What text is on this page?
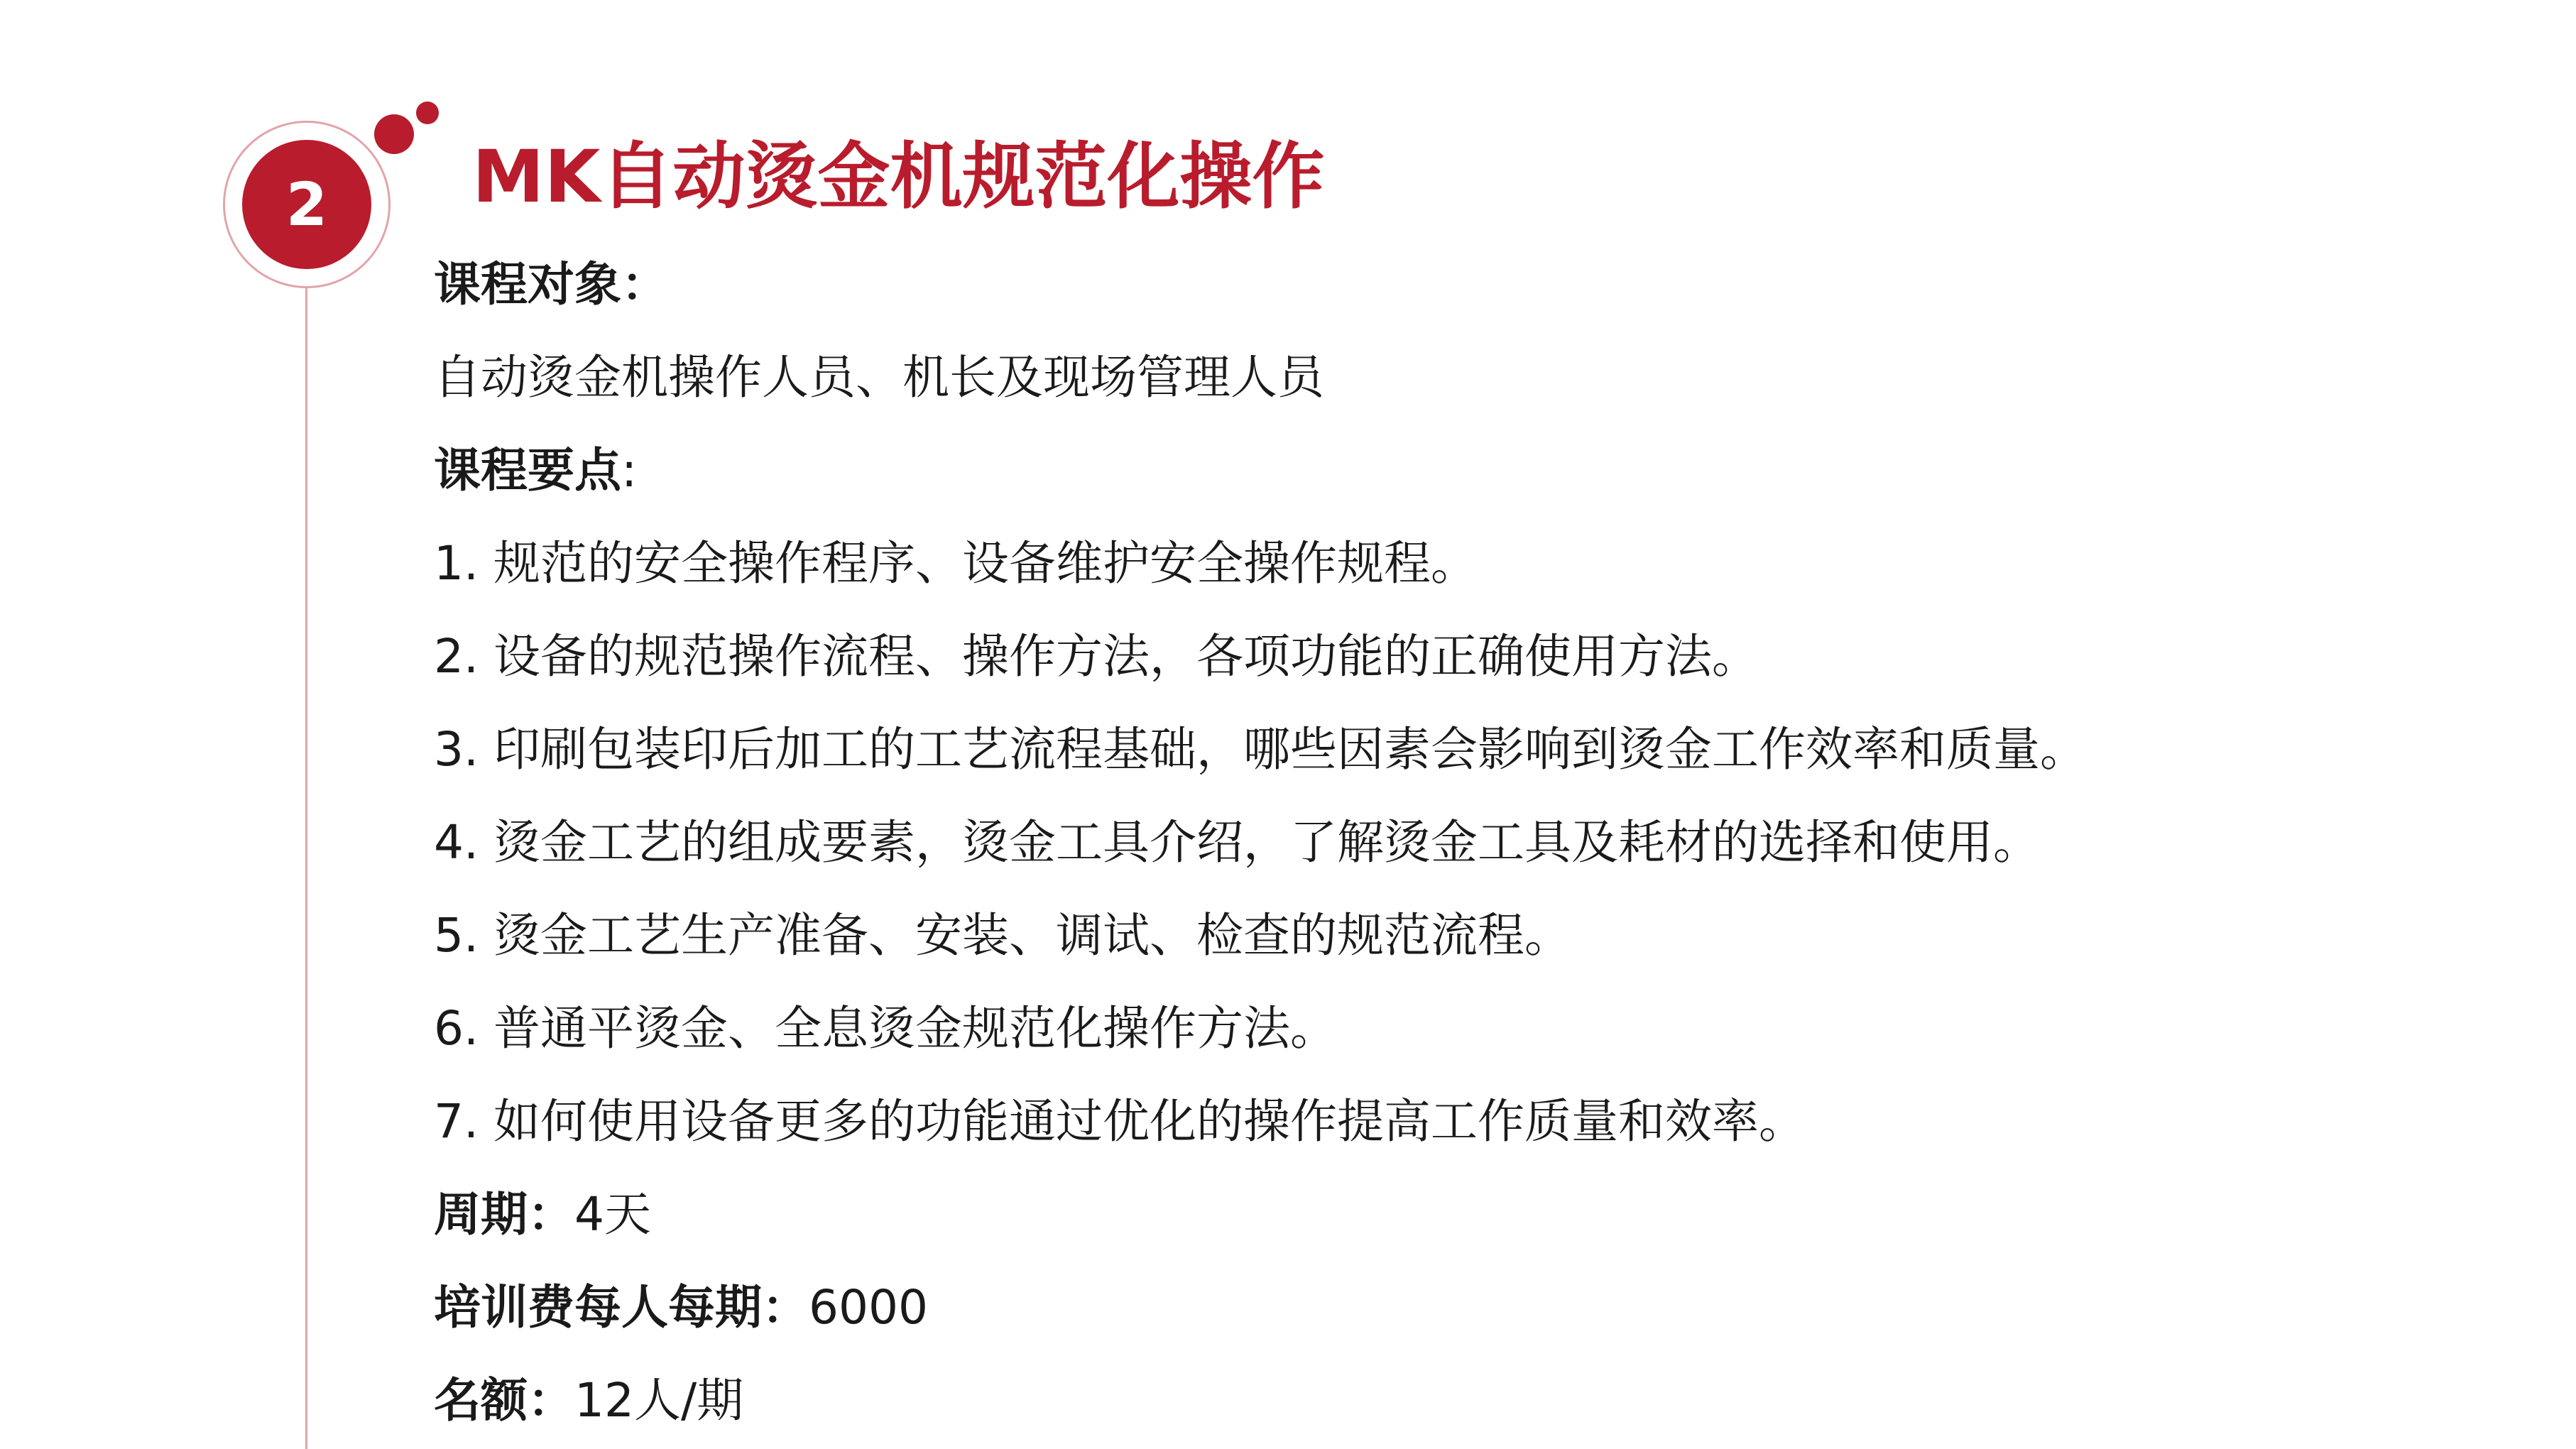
2 MK自动烫金机规范化操作
课程对象：
自动烫金机操作人员、机长及现场管理人员
课程要点:
1. 规范的安全操作程序、设备维护安全操作规程。
2. 设备的规范操作流程、操作方法，各项功能的正确使用方法。
3. 印刷包装印后加工的工艺流程基础，哪些因素会影响到烫金工作效率和质量。
4. 烫金工艺的组成要素，烫金工具介绍，了解烫金工具及耗材的选择和使用。
5. 烫金工艺生产准备、安装、调试、检查的规范流程。
6. 普通平烫金、全息烫金规范化操作方法。
7. 如何使用设备更多的功能通过优化的操作提高工作质量和效率。
周期：4天
培训费每人每期：6000
名额：12人/期
